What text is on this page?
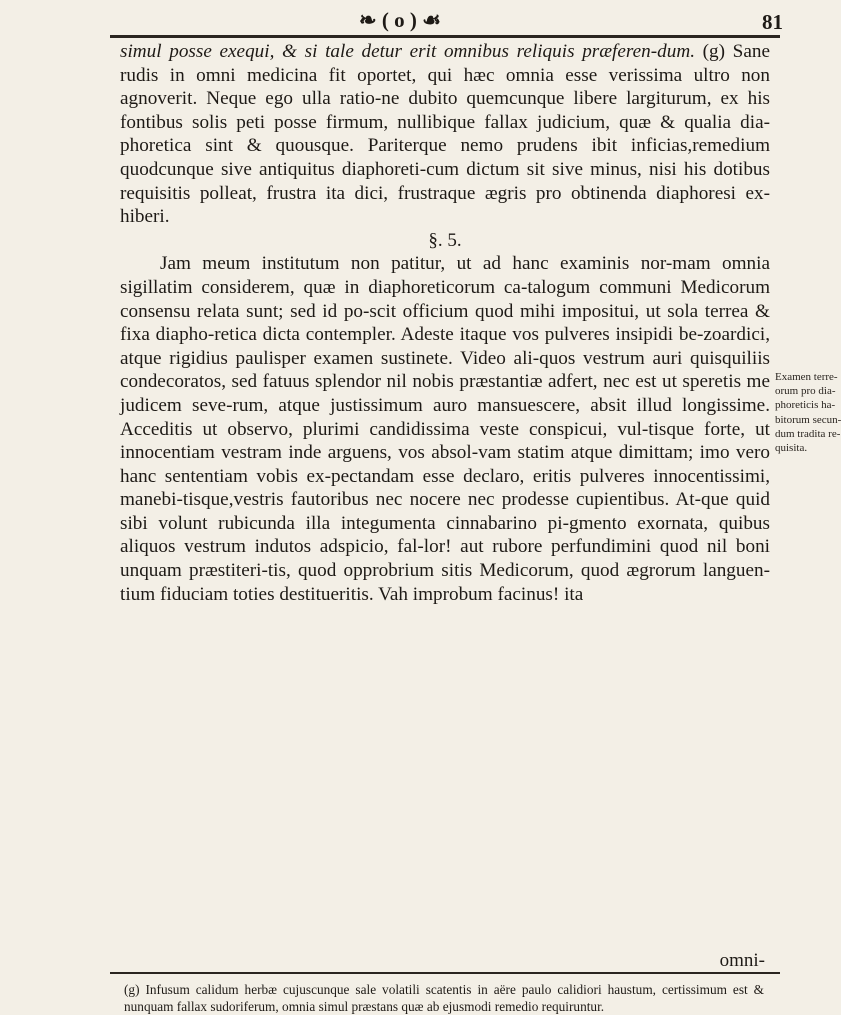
❧ ( o ) ☙	81

simul posse exequi, & si tale detur erit omnibus reliquis præferen-dum. (g) Sane rudis in omni medicina fit oportet, qui hæc omnia esse verissima ultro non agnoverit. Neque ego ulla ratio-ne dubito quemcunque libere largiturum, ex his fontibus solis peti posse firmum, nullibique fallax judicium, quæ & qualia dia-phoretica sint & quousque. Pariterque nemo prudens ibit inficias,remedium quodcunque sive antiquitus diaphoreti-cum dictum sit sive minus, nisi his dotibus requisitis polleat, frustra ita dici, frustraque ægris pro obtinenda diaphoresi ex-hiberi.

§. 5.

Jam meum institutum non patitur, ut ad hanc examinis nor-mam omnia sigillatim considerem, quæ in diaphoreticorum ca-talogum communi Medicorum consensu relata sunt; sed id po-scit officium quod mihi impositui, ut sola terrea & fixa diapho-retica dicta contempler. Adeste itaque vos pulveres insipidi be-zoardici, atque rigidius paulisper examen sustinete. Video ali-quos vestrum auri quisquiliis condecoratos, sed fatuus splendor nil nobis præstantiæ adfert, nec est ut speretis me judicem seve-rum, atque justissimum auro mansuescere, absit illud longissime. Acceditis ut observo, plurimi candidissima veste conspicui, vul-tisque forte, ut innocentiam vestram inde arguens, vos absol-vam statim atque dimittam; imo vero hanc sententiam vobis ex-pectandam esse declaro, eritis pulveres innocentissimi, manebi-tisque,vestris fautoribus nec nocere nec prodesse cupientibus. At-que quid sibi volunt rubicunda illa integumenta cinnabarino pi-gmento exornata, quibus aliquos vestrum indutos adspicio, fal-lor! aut rubore perfundimini quod nil boni unquam præstiteri-tis, quod opprobrium sitis Medicorum, quod ægrorum languen-tium fiduciam toties destitueritis. Vah improbum facinus! ita

Examen terre-
orum pro dia-
phoreticis ha-
bitorum secun-
dum tradita re-
quisita.
omni-
(g) Infusum calidum herbæ cujuscunque sale volatili scatentis in aëre paulo calidiori haustum, certissimum est & nunquam fallax sudoriferum, omnia simul præstans quæ ab ejusmodi remedio requiruntur.
